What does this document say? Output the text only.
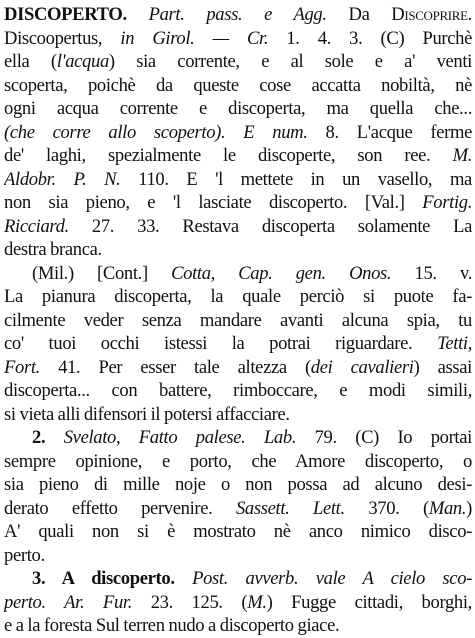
DISCOPERTO. Part. pass. e Agg. Da Discoprire.
Discoopertus, in Girol. — Cr. 1. 4. 3. (C) Purchè
ella (l'acqua) sia corrente, e al sole e a' venti
scoperta, poichè da queste cose accatta nobiltà, nè
ogni acqua corrente e discoperta, ma quella che...
(che corre allo scoperto). E num. 8. L'acque ferme
de' laghi, spezialmente le discoperte, son ree. M.
Aldobr. P. N. 110. E 'l mettete in un vasello, ma
non sia pieno, e 'l lasciate discoperto. [Val.] Fortig.
Ricciard. 27. 33. Restava discoperta solamente La
destra branca.
(Mil.) [Cont.] Cotta, Cap. gen. Onos. 15. v.
La pianura discoperta, la quale perciò si puote fa-
cilmente veder senza mandare avanti alcuna spia, tu
co' tuoi occhi istessi la potrai riguardare. Tetti,
Fort. 41. Per esser tale altezza (dei cavalieri) assai
discoperta... con battere, rimboccare, e modi simili,
si vieta alli difensori il potersi affacciare.
2. Svelato, Fatto palese. Lab. 79. (C) Io portai
sempre opinione, e porto, che Amore discoperto, o
sia pieno di mille noje o non possa ad alcuno desi-
derato effetto pervenire. Sassett. Lett. 370. (Man.)
A' quali non si è mostrato nè anco nimico disco-
perto.
3. A discoperto. Post. avverb. vale A cielo sco-
perto. Ar. Fur. 23. 125. (M.) Fugge cittadi, borghi,
e a la foresta Sul terren nudo a discoperto giace.
